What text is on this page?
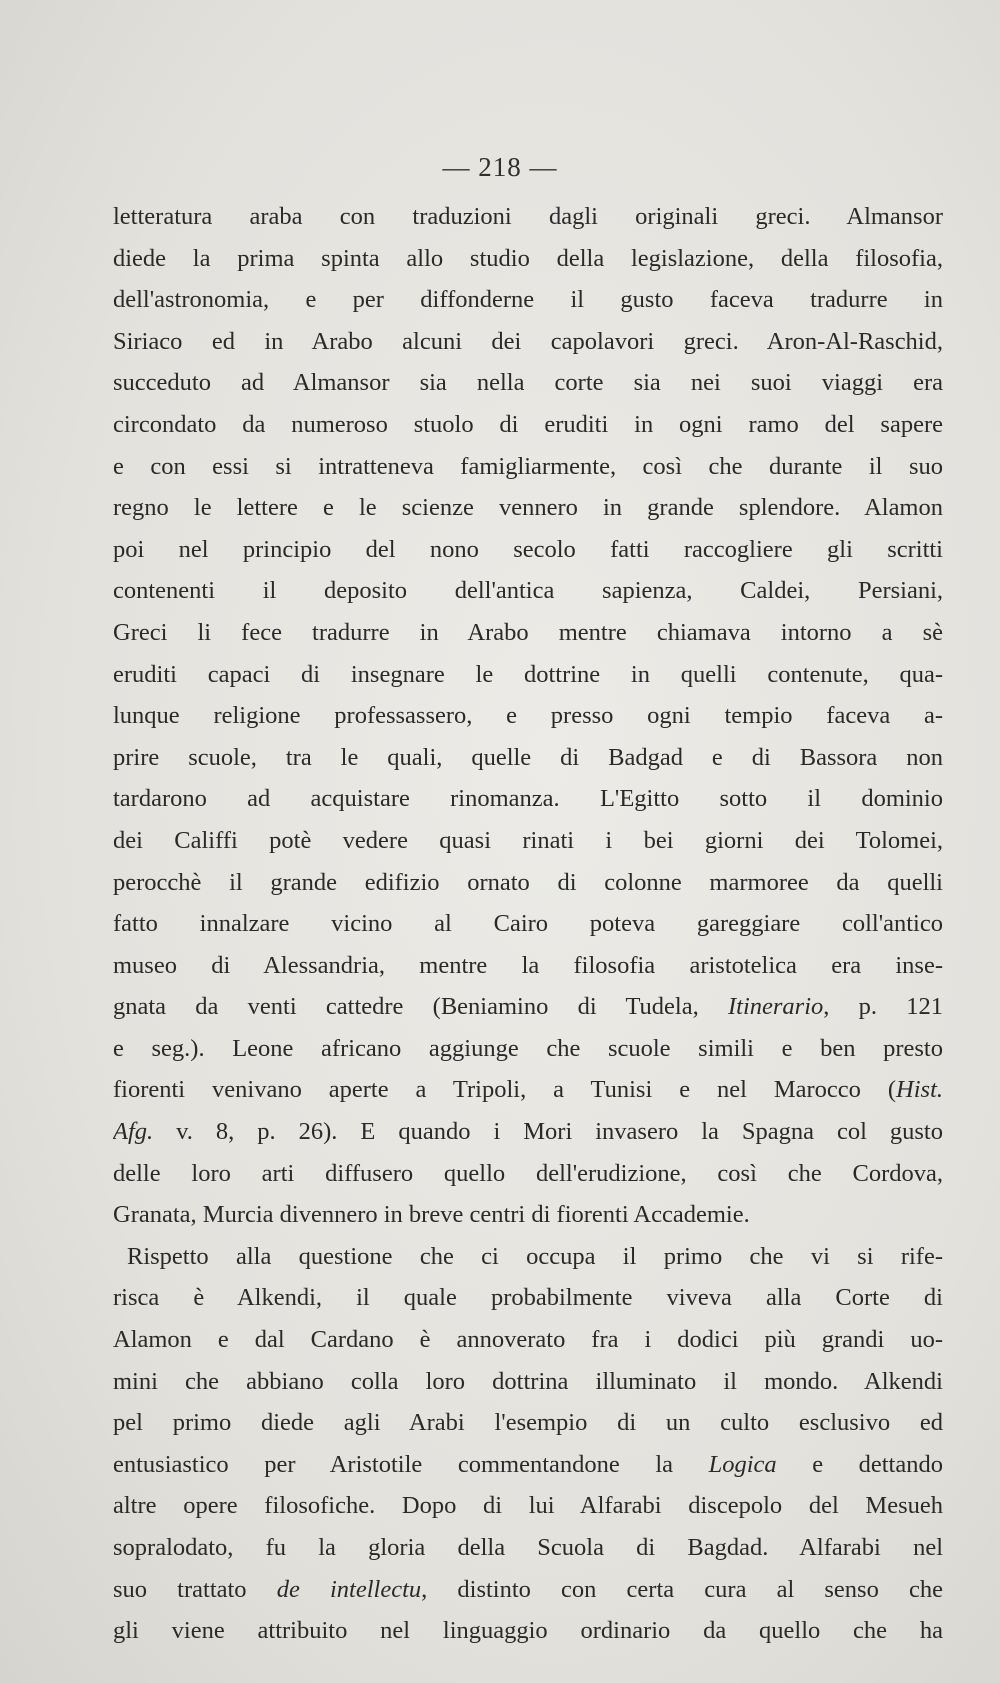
— 218 —
letteratura araba con traduzioni dagli originali greci. Almansor
diede la prima spinta allo studio della legislazione, della filosofia,
dell'astronomia, e per diffonderne il gusto faceva tradurre in
Siriaco ed in Arabo alcuni dei capolavori greci. Aron-Al-Raschid,
succeduto ad Almansor sia nella corte sia nei suoi viaggi era
circondato da numeroso stuolo di eruditi in ogni ramo del sapere
e con essi si intratteneva famigliarmente, così che durante il suo
regno le lettere e le scienze vennero in grande splendore. Alamon
poi nel principio del nono secolo fatti raccogliere gli scritti
contenenti il deposito dell'antica sapienza, Caldei, Persiani,
Greci li fece tradurre in Arabo mentre chiamava intorno a sè
eruditi capaci di insegnare le dottrine in quelli contenute, qua-
lunque religione professassero, e presso ogni tempio faceva a-
prire scuole, tra le quali, quelle di Badgad e di Bassora non
tardarono ad acquistare rinomanza. L'Egitto sotto il dominio
dei Califfi potè vedere quasi rinati i bei giorni dei Tolomei,
perocchè il grande edifizio ornato di colonne marmoree da quelli
fatto innalzare vicino al Cairo poteva gareggiare coll'antico
museo di Alessandria, mentre la filosofia aristotelica era inse-
gnata da venti cattedre (Beniamino di Tudela, Itinerario, p. 121
e seg.). Leone africano aggiunge che scuole simili e ben presto
fiorenti venivano aperte a Tripoli, a Tunisi e nel Marocco (Hist.
Afg. v. 8, p. 26). E quando i Mori invasero la Spagna col gusto
delle loro arti diffusero quello dell'erudizione, così che Cordova,
Granata, Murcia divennero in breve centri di fiorenti Accademie.
Rispetto alla questione che ci occupa il primo che vi si rife-
risca è Alkendi, il quale probabilmente viveva alla Corte di
Alamon e dal Cardano è annoverato fra i dodici più grandi uo-
mini che abbiano colla loro dottrina illuminato il mondo. Alkendi
pel primo diede agli Arabi l'esempio di un culto esclusivo ed
entusiastico per Aristotile commentandone la Logica e dettando
altre opere filosofiche. Dopo di lui Alfarabi discepolo del Mesueh
sopralodato, fu la gloria della Scuola di Bagdad. Alfarabi nel
suo trattato de intellectu, distinto con certa cura al senso che
gli viene attribuito nel linguaggio ordinario da quello che ha
